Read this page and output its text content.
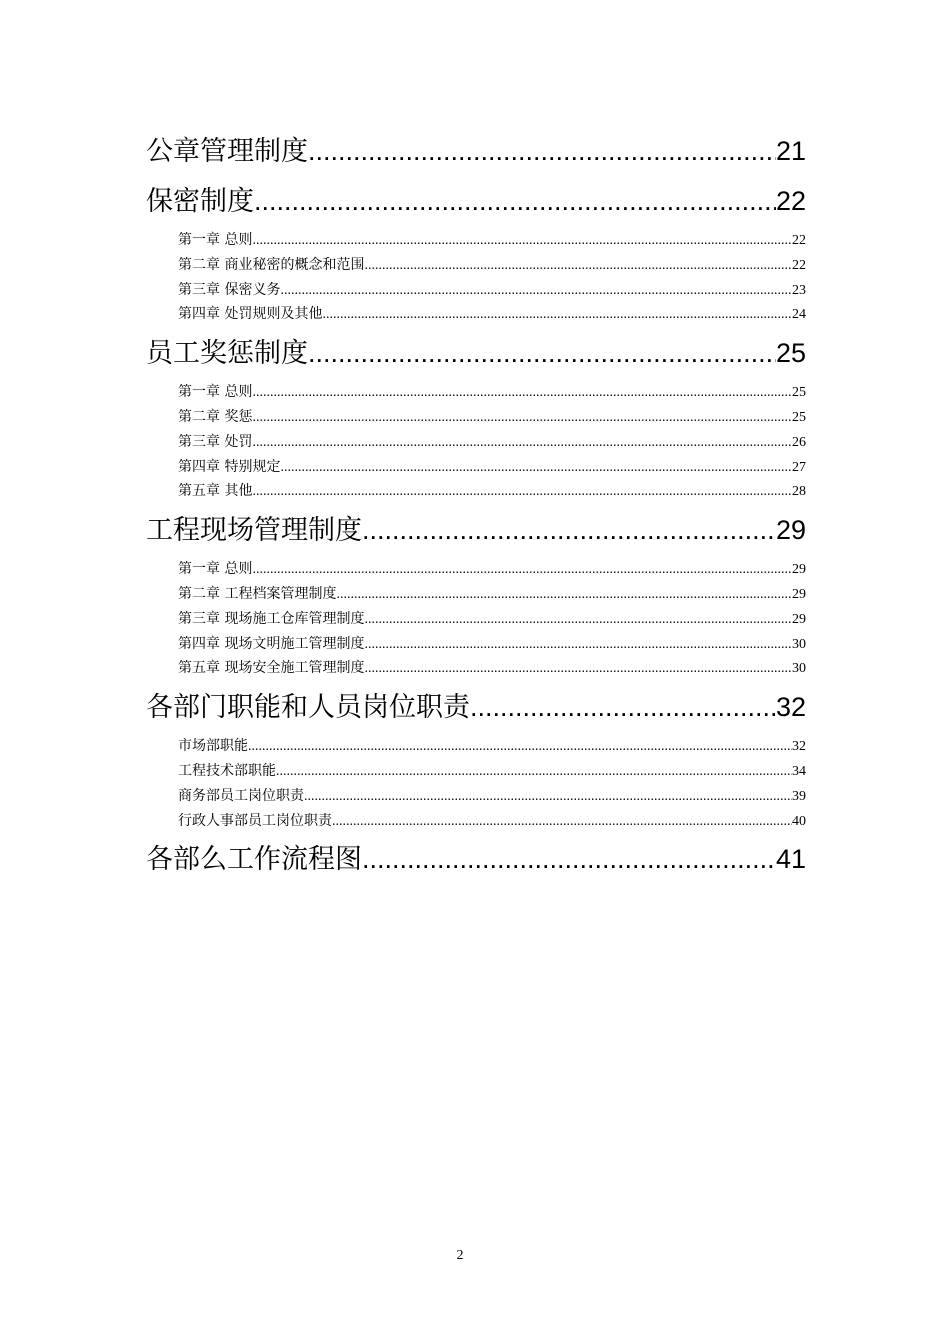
公章管理制度 .....	21
保密制度 .....	22
第一章 总则 .....	22
第二章 商业秘密的概念和范围 .....	22
第三章 保密义务 .....	23
第四章 处罚规则及其他 .....	24
员工奖惩制度 .....	25
第一章 总则 .....	25
第二章 奖惩 .....	25
第三章 处罚 .....	26
第四章 特别规定 .....	27
第五章 其他 .....	28
工程现场管理制度 .....	29
第一章 总则 .....	29
第二章 工程档案管理制度 .....	29
第三章 现场施工仓库管理制度 .....	29
第四章 现场文明施工管理制度 .....	30
第五章 现场安全施工管理制度 .....	30
各部门职能和人员岗位职责 .....	32
市场部职能 .....	32
工程技术部职能 .....	34
商务部员工岗位职责 .....	39
行政人事部员工岗位职责 .....	40
各部么工作流程图 .....	41
2
